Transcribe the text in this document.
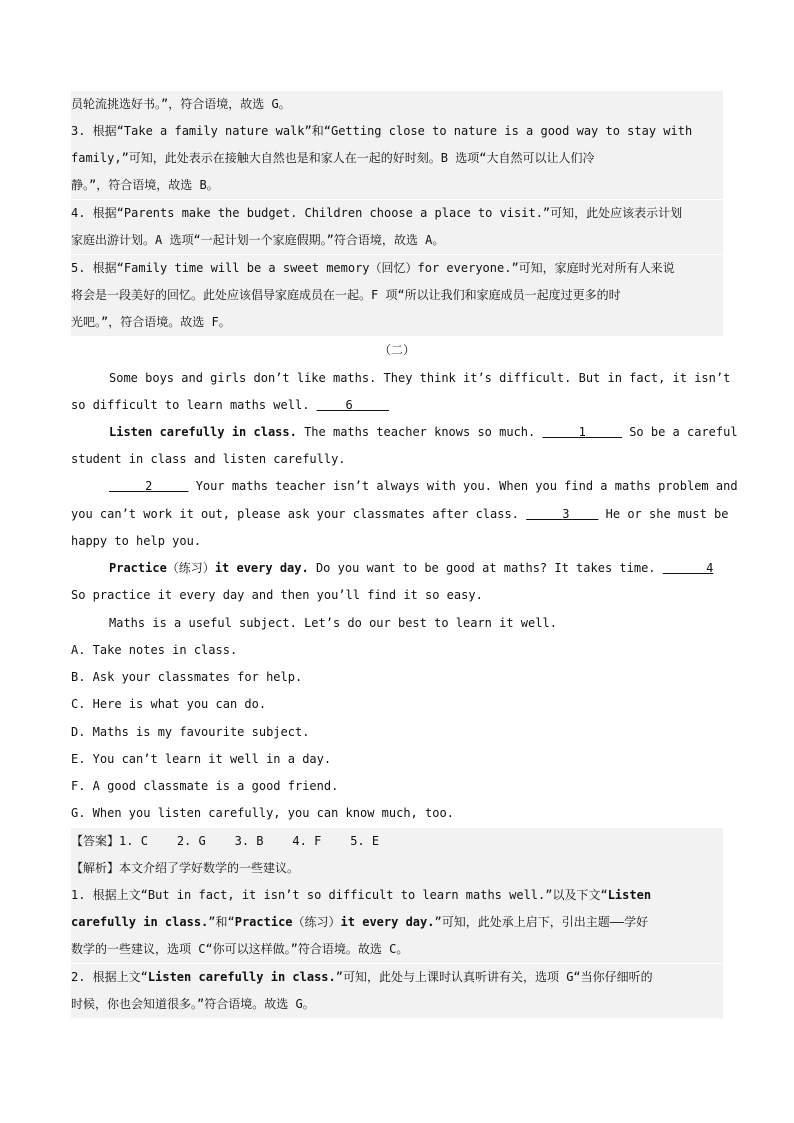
员轮流挑选好书。”，符合语境，故选 G。
3. 根据“Take a family nature walk”和“Getting close to nature is a good way to stay with
family,”可知，此处表示在接触大自然也是和家人在一起的好时刻。B 选项“大自然可以让人们冷
静。”，符合语境，故选 B。
4. 根据“Parents make the budget. Children choose a place to visit.”可知，此处应该表示计划
家庭出游计划。A 选项“一起计划一个家庭假期。”符合语境，故选 A。
5. 根据“Family time will be a sweet memory（回忆）for everyone.”可知，家庭时光对所有人来说
将会是一段美好的回忆。此处应该倡导家庭成员在一起。F 项“所以让我们和家庭成员一起度过更多的时
光吧。”，符合语境。故选 F。
（二）
Some boys and girls don’t like maths. They think it’s difficult. But in fact, it isn’t
so difficult to learn maths well.     6
Listen carefully in class. The maths teacher knows so much.	1	So be a careful
student in class and listen carefully.
2	Your maths teacher isn’t always with you. When you find a maths problem and
you can’t work it out, please ask your classmates after class.	3     He or she must be
happy to help you.
Practice（练习）it every day. Do you want to be good at maths? It takes time.	4
So practice it every day and then you’ll find it so easy.
Maths is a useful subject. Let’s do our best to learn it well.
A. Take notes in class.
B. Ask your classmates for help.
C. Here is what you can do.
D. Maths is my favourite subject.
E. You can’t learn it well in a day.
F. A good classmate is a good friend.
G. When you listen carefully, you can know much, too.
【答案】1. C    2. G    3. B    4. F    5. E
【解析】本文介绍了学好数学的一些建议。
1. 根据上文“But in fact, it isn’t so difficult to learn maths well.”以及下文“Listen
carefully in class.”和“Practice（练习）it every day.”可知，此处承上启下，引出主题——学好
数学的一些建议，选项 C“你可以这样做。”符合语境。故选 C。
2. 根据上文“Listen carefully in class.”可知，此处与上课时认真听讲有关，选项 G“当你仔细听的
时候，你也会知道很多。”符合语境。故选 G。
